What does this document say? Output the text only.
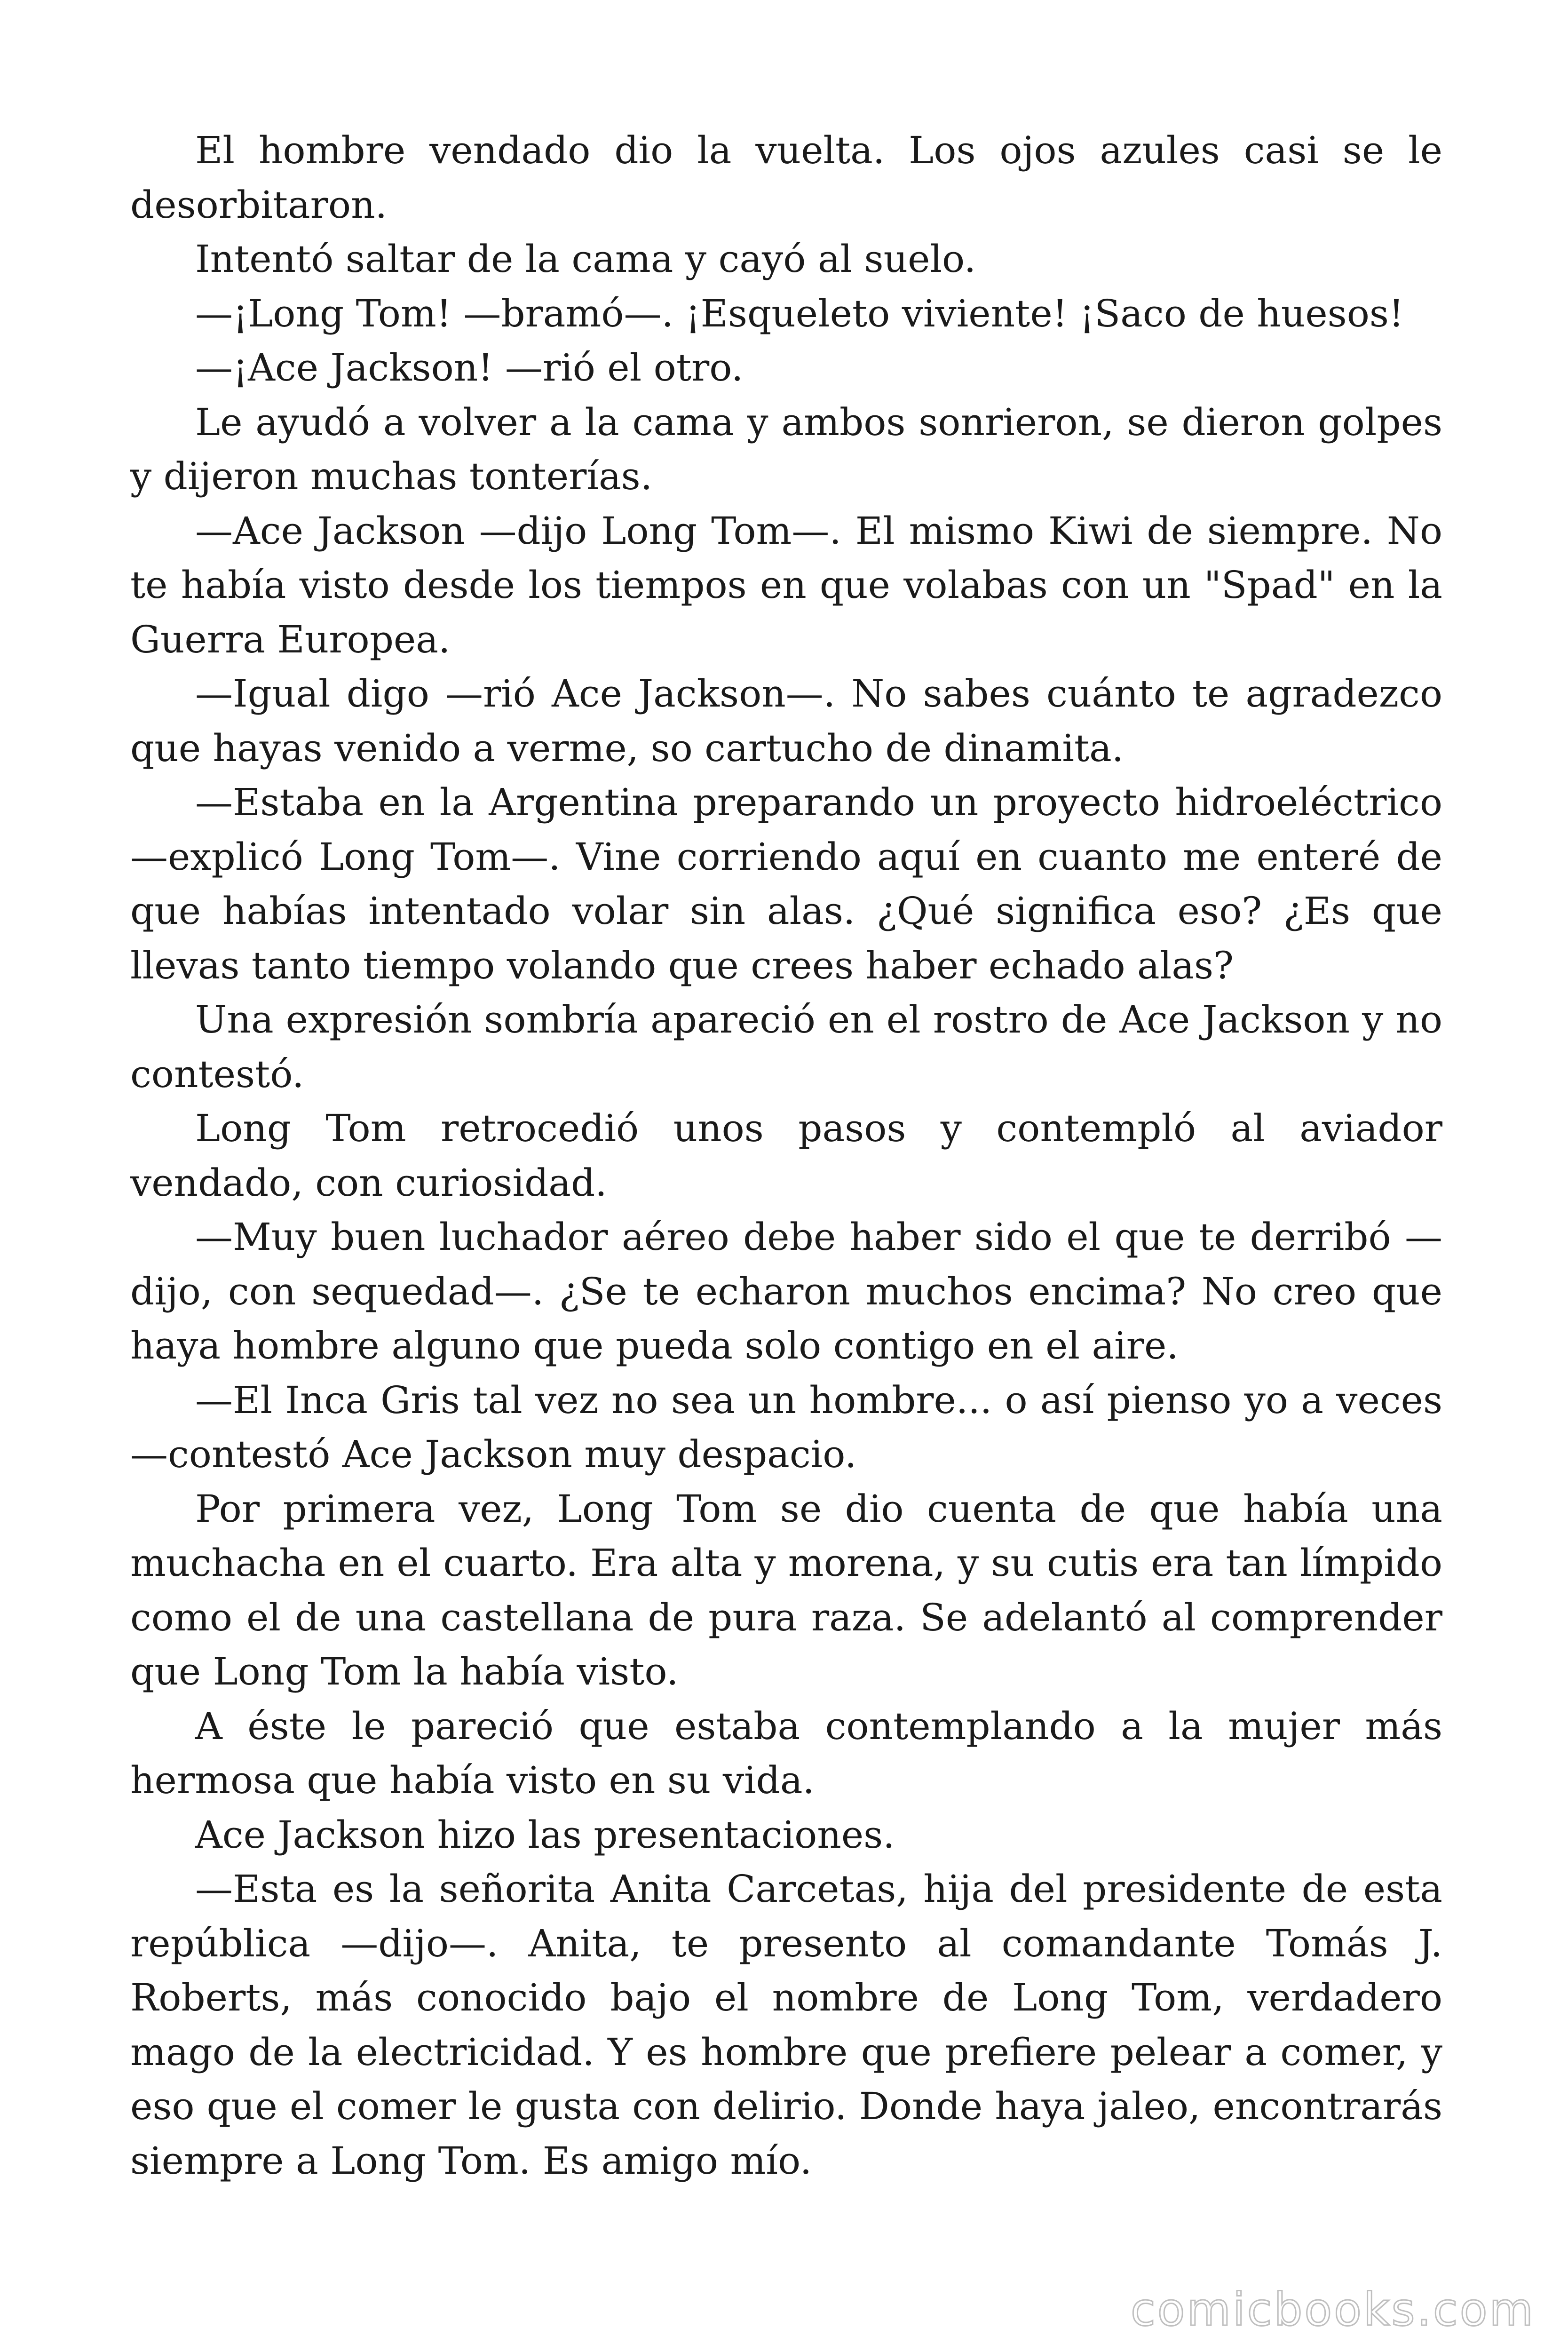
El hombre vendado dio la vuelta. Los ojos azules casi se le desorbitaron.

Intentó saltar de la cama y cayó al suelo.

—¡Long Tom! —bramó—. ¡Esqueleto viviente! ¡Saco de huesos!

—¡Ace Jackson! —rió el otro.

Le ayudó a volver a la cama y ambos sonrieron, se dieron golpes y dijeron muchas tonterías.

—Ace Jackson —dijo Long Tom—. El mismo Kiwi de siempre. No te había visto desde los tiempos en que volabas con un "Spad" en la Guerra Europea.

—Igual digo —rió Ace Jackson—. No sabes cuánto te agradezco que hayas venido a verme, so cartucho de dinamita.

—Estaba en la Argentina preparando un proyecto hidroeléctrico —explicó Long Tom—. Vine corriendo aquí en cuanto me enteré de que habías intentado volar sin alas. ¿Qué significa eso? ¿Es que llevas tanto tiempo volando que crees haber echado alas?

Una expresión sombría apareció en el rostro de Ace Jackson y no contestó.

Long Tom retrocedió unos pasos y contempló al aviador vendado, con curiosidad.

—Muy buen luchador aéreo debe haber sido el que te derribó — dijo, con sequedad—. ¿Se te echaron muchos encima? No creo que haya hombre alguno que pueda solo contigo en el aire.

—El Inca Gris tal vez no sea un hombre... o así pienso yo a veces —contestó Ace Jackson muy despacio.

Por primera vez, Long Tom se dio cuenta de que había una muchacha en el cuarto. Era alta y morena, y su cutis era tan límpido como el de una castellana de pura raza. Se adelantó al comprender que Long Tom la había visto.

A éste le pareció que estaba contemplando a la mujer más hermosa que había visto en su vida.

Ace Jackson hizo las presentaciones.

—Esta es la señorita Anita Carcetas, hija del presidente de esta república —dijo—. Anita, te presento al comandante Tomás J. Roberts, más conocido bajo el nombre de Long Tom, verdadero mago de la electricidad. Y es hombre que prefiere pelear a comer, y eso que el comer le gusta con delirio. Donde haya jaleo, encontrarás siempre a Long Tom. Es amigo mío.

comicbooks.com
